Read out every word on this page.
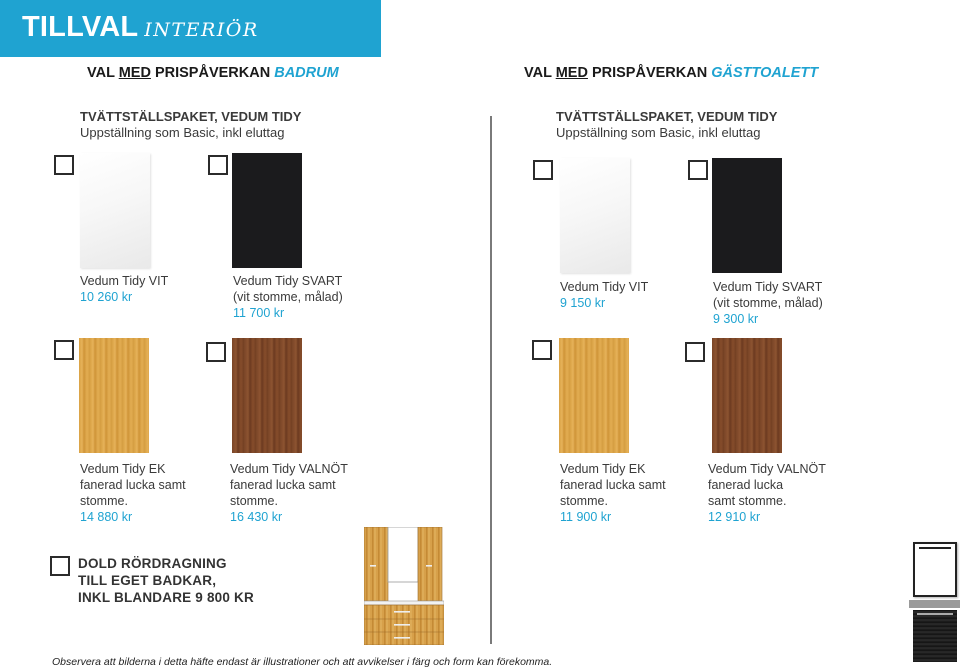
TILLVAL INTERIÖR
VAL MED PRISPÅVERKAN BADRUM	VAL MED PRISPÅVERKAN GÄSTTOALETT
TVÄTTSTÄLLSPAKET, VEDUM TIDY
Uppställning som Basic, inkl eluttag
TVÄTTSTÄLLSPAKET, VEDUM TIDY
Uppställning som Basic, inkl eluttag
Vedum Tidy VIT
10 260 kr
Vedum Tidy SVART
(vit stomme, målad)
11 700 kr
Vedum Tidy EK
fanerad lucka samt
stomme.
14 880 kr
Vedum Tidy VALNÖT
fanerad lucka samt
stomme.
16 430 kr
Vedum Tidy VIT
9 150 kr
Vedum Tidy SVART
(vit stomme, målad)
9 300 kr
Vedum Tidy EK
fanerad lucka samt
stomme.
11 900 kr
Vedum Tidy VALNÖT
fanerad lucka
samt stomme.
12 910 kr
DOLD RÖRDRAGNING
TILL EGET BADKAR,
INKL BLANDARE 9 800 KR
Observera att bilderna i detta häfte endast är illustrationer och att avvikelser i färg och form kan förekomma.
